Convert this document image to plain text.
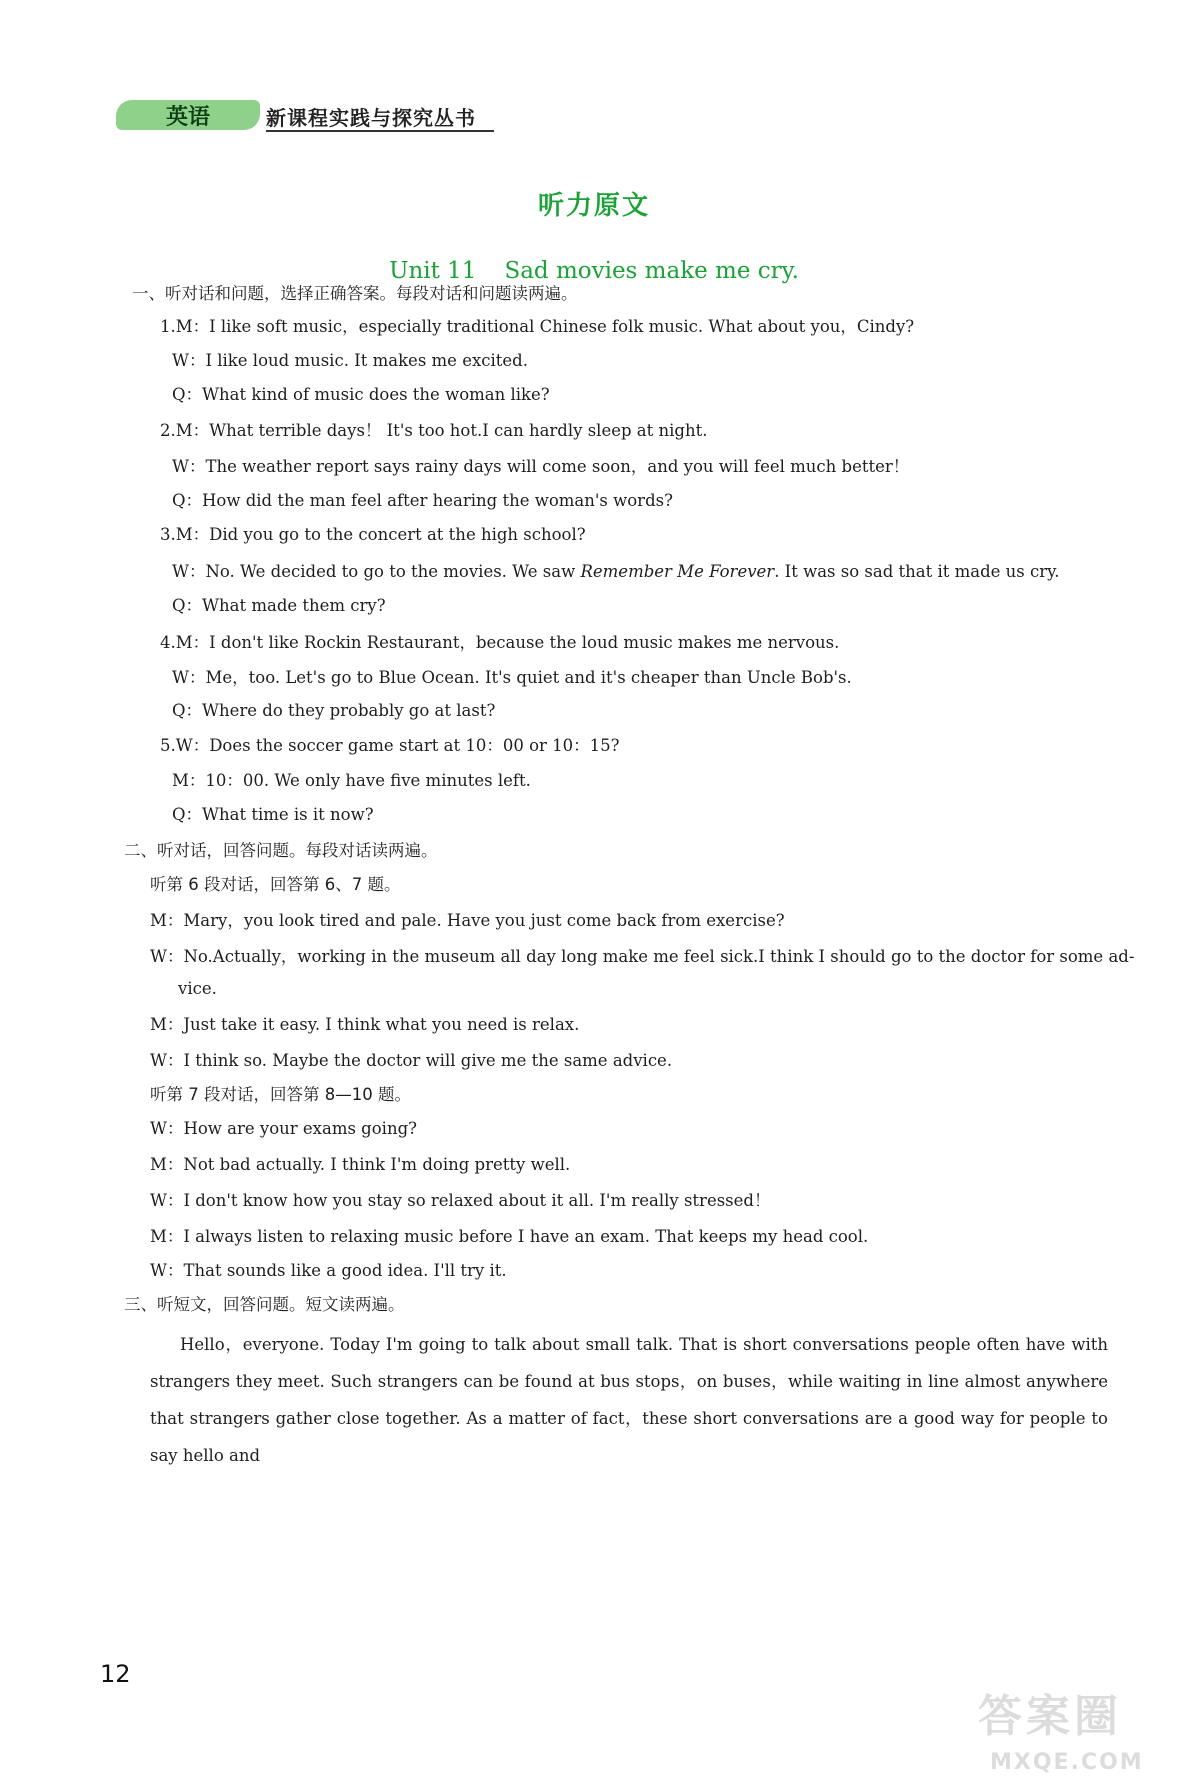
英语	新课程实践与探究丛书
听力原文
Unit 11 Sad movies make me cry.
一、听对话和问题，选择正确答案。每段对话和问题读两遍。
1.M：I like soft music，especially traditional Chinese folk music. What about you，Cindy?
W：I like loud music. It makes me excited.
Q：What kind of music does the woman like?
2.M：What terrible days！ It's too hot.I can hardly sleep at night.
W：The weather report says rainy days will come soon，and you will feel much better！
Q：How did the man feel after hearing the woman's words?
3.M：Did you go to the concert at the high school?
W：No. We decided to go to the movies. We saw Remember Me Forever. It was so sad that it made us cry.
Q：What made them cry?
4.M：I don't like Rockin Restaurant，because the loud music makes me nervous.
W：Me，too. Let's go to Blue Ocean. It's quiet and it's cheaper than Uncle Bob's.
Q：Where do they probably go at last?
5.W：Does the soccer game start at 10：00 or 10：15?
M：10：00. We only have five minutes left.
Q：What time is it now?
二、听对话，回答问题。每段对话读两遍。
听第 6 段对话，回答第 6、7 题。
M：Mary，you look tired and pale. Have you just come back from exercise?
W：No.Actually，working in the museum all day long make me feel sick.I think I should go to the doctor for some ad-
vice.
M：Just take it easy. I think what you need is relax.
W：I think so. Maybe the doctor will give me the same advice.
听第 7 段对话，回答第 8—10 题。
W：How are your exams going?
M：Not bad actually. I think I'm doing pretty well.
W：I don't know how you stay so relaxed about it all. I'm really stressed！
M：I always listen to relaxing music before I have an exam. That keeps my head cool.
W：That sounds like a good idea. I'll try it.
三、听短文，回答问题。短文读两遍。
Hello，everyone. Today I'm going to talk about small talk. That is short conversations people often have with strangers they meet. Such strangers can be found at bus stops，on buses，while waiting in line almost anywhere that strangers gather close together. As a matter of fact，these short conversations are a good way for people to say hello and
12
答案圈
MXQE.COM
